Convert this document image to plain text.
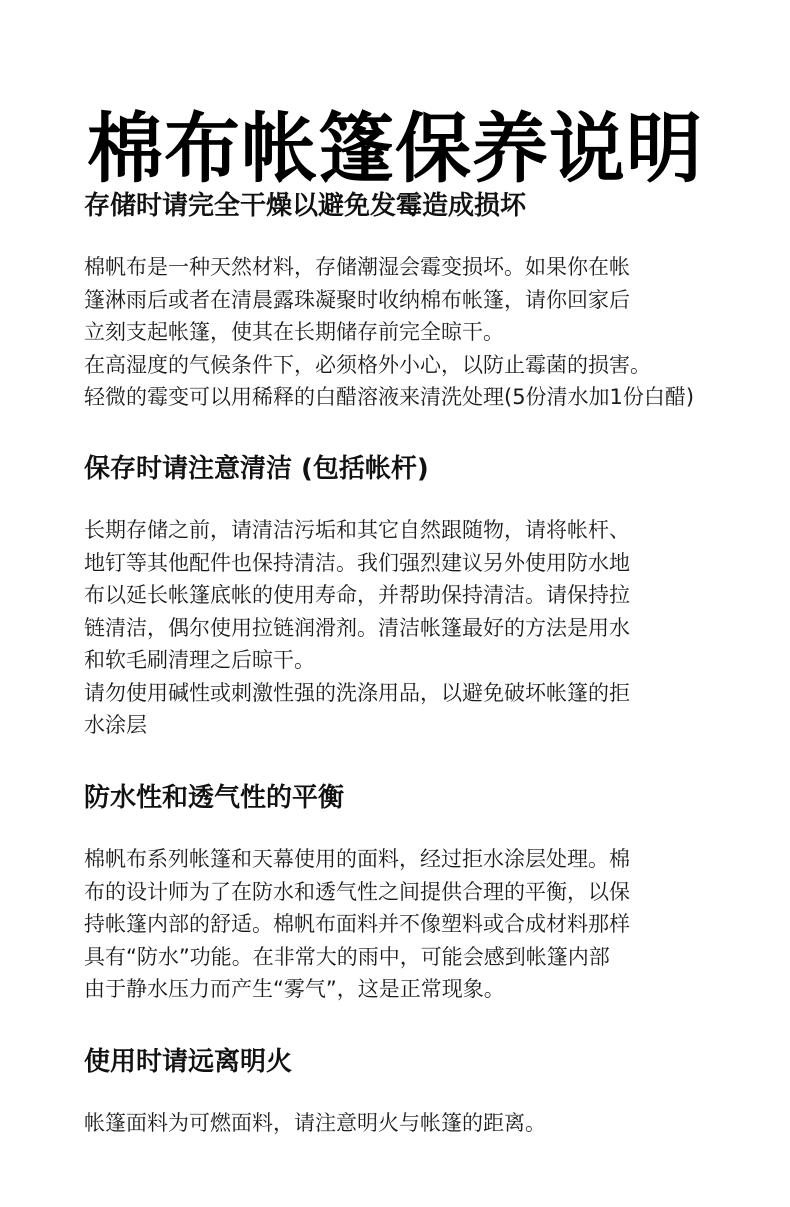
棉布帐篷保养说明
存储时请完全干燥以避免发霉造成损坏
棉帆布是一种天然材料，存储潮湿会霉变损坏。如果你在帐
篷淋雨后或者在清晨露珠凝聚时收纳棉布帐篷，请你回家后
立刻支起帐篷，使其在长期储存前完全晾干。
在高湿度的气候条件下，必须格外小心，以防止霉菌的损害。
轻微的霉变可以用稀释的白醋溶液来清洗处理(5份清水加1份白醋)
保存时请注意清洁 (包括帐杆)
长期存储之前，请清洁污垢和其它自然跟随物，请将帐杆、
地钉等其他配件也保持清洁。我们强烈建议另外使用防水地
布以延长帐篷底帐的使用寿命，并帮助保持清洁。请保持拉
链清洁，偶尔使用拉链润滑剂。清洁帐篷最好的方法是用水
和软毛刷清理之后晾干。
请勿使用碱性或刺激性强的洗涤用品，以避免破坏帐篷的拒
水涂层
防水性和透气性的平衡
棉帆布系列帐篷和天幕使用的面料，经过拒水涂层处理。棉
布的设计师为了在防水和透气性之间提供合理的平衡，以保
持帐篷内部的舒适。棉帆布面料并不像塑料或合成材料那样
具有“防水”功能。在非常大的雨中，可能会感到帐篷内部
由于静水压力而产生“雾气”，这是正常现象。
使用时请远离明火
帐篷面料为可燃面料，请注意明火与帐篷的距离。
